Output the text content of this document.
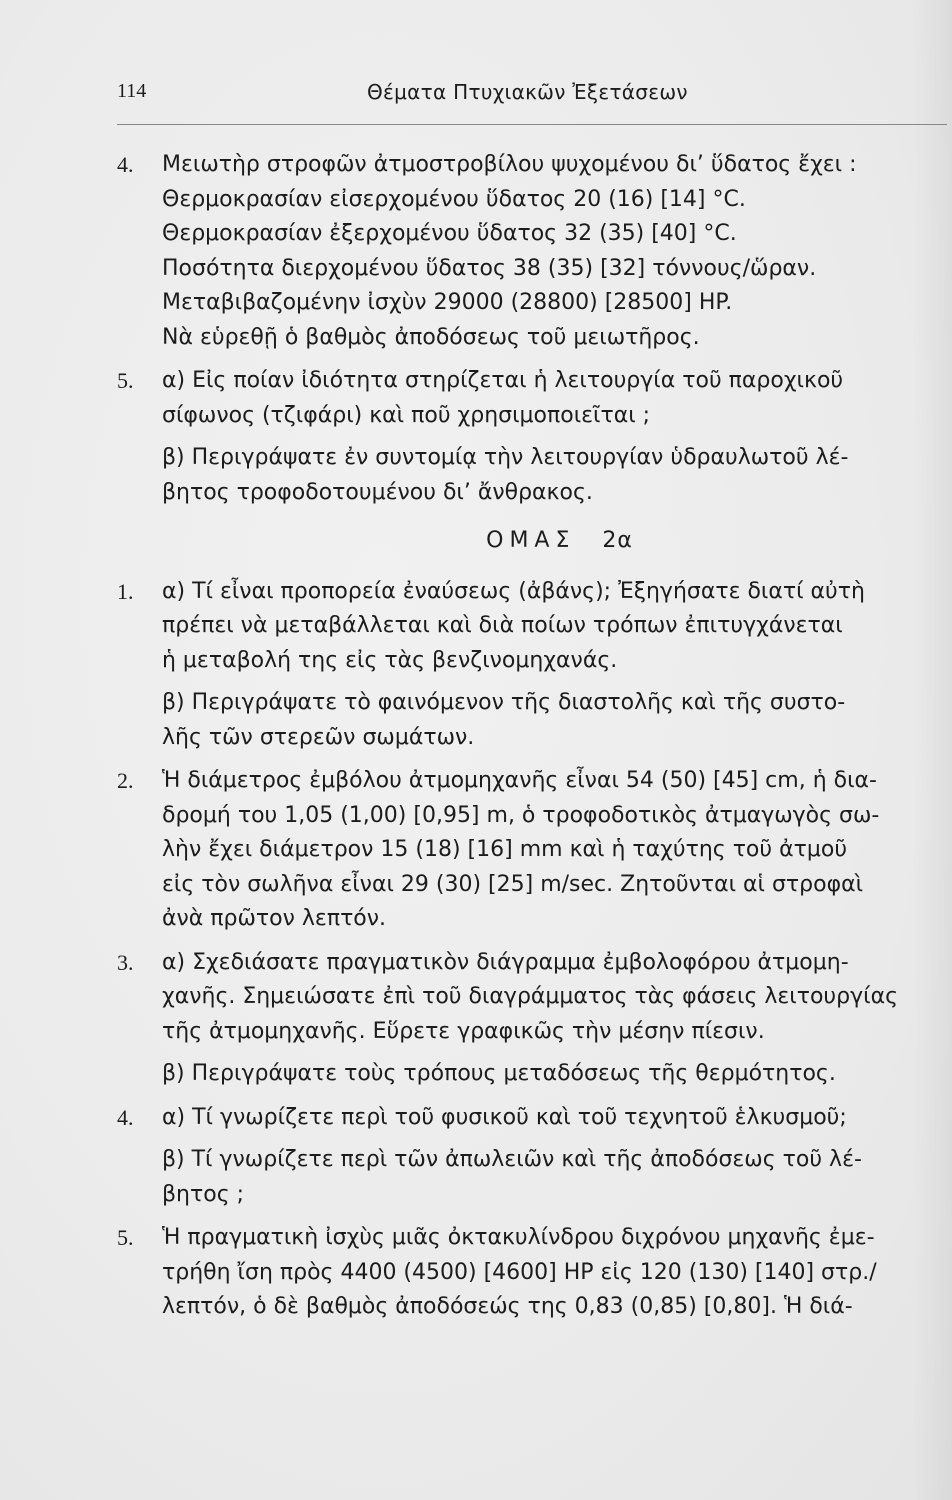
114	Θέματα Πτυχιακῶν Ἐξετάσεων
4. Μειωτὴρ στροφῶν ἀτμοστροβίλου ψυχομένου δι’ ὕδατος ἔχει :
Θερμοκρασίαν εἰσερχομένου ὕδατος 20 (16) [14] °C.
Θερμοκρασίαν ἐξερχομένου ὕδατος 32 (35) [40] °C.
Ποσότητα διερχομένου ὕδατος 38 (35) [32] τόννους/ὥραν.
Μεταβιβαζομένην ἰσχὺν 29000 (28800) [28500] HP.
Νὰ εὑρεθῇ ὁ βαθμὸς ἀποδόσεως τοῦ μειωτῆρος.
5. α) Εἰς ποίαν ἰδιότητα στηρίζεται ἡ λειτουργία τοῦ παροχικοῦ
σίφωνος (τζιφάρι) καὶ ποῦ χρησιμοποιεῖται ;
β) Περιγράψατε ἐν συντομίᾳ τὴν λειτουργίαν ὑδραυλωτοῦ λέ-
βητος τροφοδοτουμένου δι’ ἄνθρακος.
ΟΜΑΣ 2α
1. α) Τί εἶναι προπορεία ἐναύσεως (ἀβάνς); Ἐξηγήσατε διατί αὐτὴ
πρέπει νὰ μεταβάλλεται καὶ διὰ ποίων τρόπων ἐπιτυγχάνεται
ἡ μεταβολή της εἰς τὰς βενζινομηχανάς.
β) Περιγράψατε τὸ φαινόμενον τῆς διαστολῆς καὶ τῆς συστο-
λῆς τῶν στερεῶν σωμάτων.
2. Ἡ διάμετρος ἐμβόλου ἀτμομηχανῆς εἶναι 54 (50) [45] cm, ἡ δια-
δρομή του 1,05 (1,00) [0,95] m, ὁ τροφοδοτικὸς ἀτμαγωγὸς σω-
λὴν ἔχει διάμετρον 15 (18) [16] mm καὶ ἡ ταχύτης τοῦ ἀτμοῦ
εἰς τὸν σωλῆνα εἶναι 29 (30) [25] m/sec. Ζητοῦνται αἱ στροφαὶ
ἀνὰ πρῶτον λεπτόν.
3. α) Σχεδιάσατε πραγματικὸν διάγραμμα ἐμβολοφόρου ἀτμομη-
χανῆς. Σημειώσατε ἐπὶ τοῦ διαγράμματος τὰς φάσεις λειτουργίας
τῆς ἀτμομηχανῆς. Εὕρετε γραφικῶς τὴν μέσην πίεσιν.
β) Περιγράψατε τοὺς τρόπους μεταδόσεως τῆς θερμότητος.
4. α) Τί γνωρίζετε περὶ τοῦ φυσικοῦ καὶ τοῦ τεχνητοῦ ἑλκυσμοῦ;
β) Τί γνωρίζετε περὶ τῶν ἀπωλειῶν καὶ τῆς ἀποδόσεως τοῦ λέ-
βητος ;
5. Ἡ πραγματικὴ ἰσχὺς μιᾶς ὀκτακυλίνδρου διχρόνου μηχανῆς ἐμε-
τρήθη ἴση πρὸς 4400 (4500) [4600] HP εἰς 120 (130) [140] στρ./
λεπτόν, ὁ δὲ βαθμὸς ἀποδόσεώς της 0,83 (0,85) [0,80]. Ἡ διά-
